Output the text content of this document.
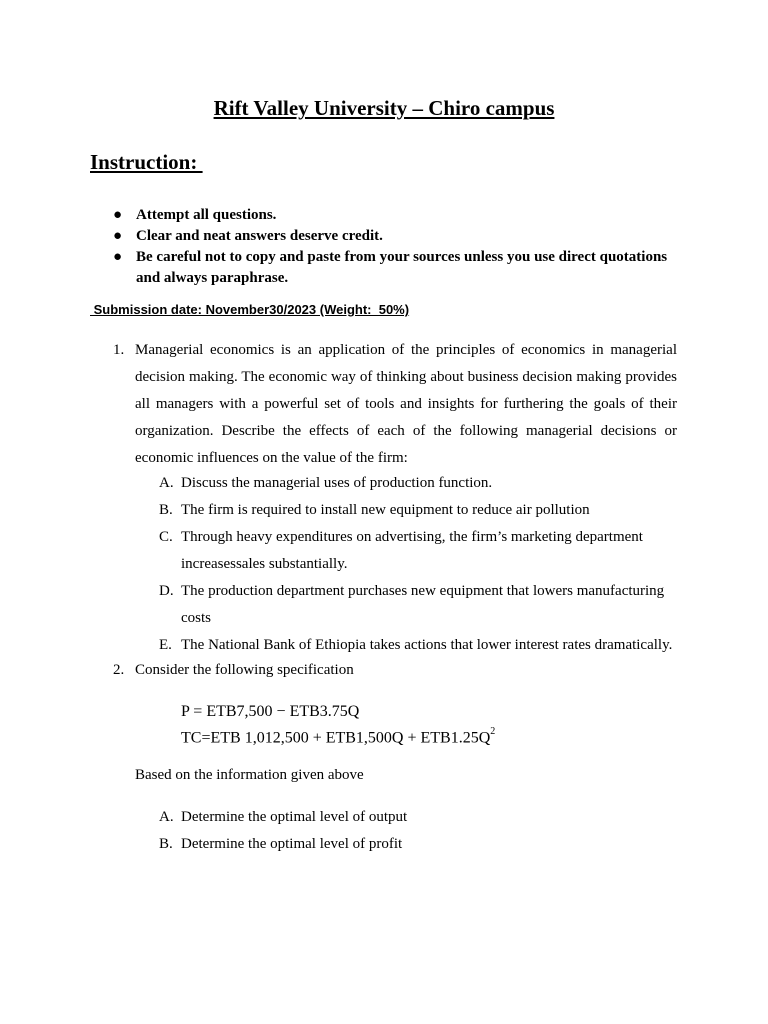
Rift Valley University – Chiro campus
Instruction:
● Attempt all questions.
● Clear and neat answers deserve credit.
● Be careful not to copy and paste from your sources unless you use direct quotations and always paraphrase.
Submission date: November30/2023 (Weight:  50%)
1. Managerial economics is an application of the principles of economics in managerial decision making. The economic way of thinking about business decision making provides all managers with a powerful set of tools and insights for furthering the goals of their organization. Describe the effects of each of the following managerial decisions or economic influences on the value of the firm:
A. Discuss the managerial uses of production function.
B. The firm is required to install new equipment to reduce air pollution
C. Through heavy expenditures on advertising, the firm’s marketing department increasessales substantially.
D. The production department purchases new equipment that lowers manufacturing costs
E. The National Bank of Ethiopia takes actions that lower interest rates dramatically.
2. Consider the following specification
P = ETB7,500 − ETB3.75Q
TC=ETB $1,012,500 + ETB1,500Q + ETB1.25Q^2$
Based on the information given above
A. Determine the optimal level of output
B. Determine the optimal level of profit
